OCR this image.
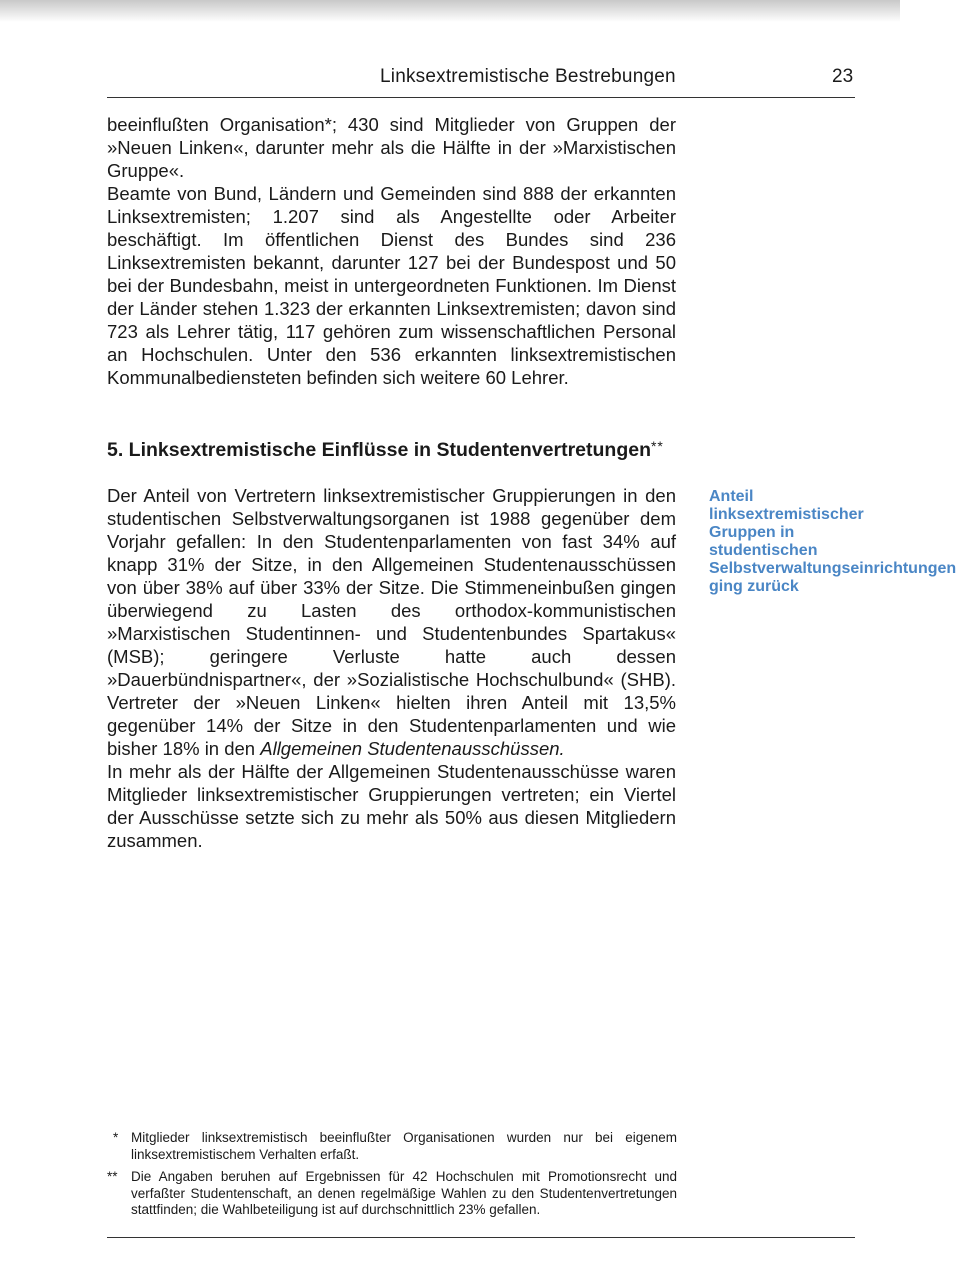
Linksextremistische Bestrebungen	23

beeinflußten Organisation*; 430 sind Mitglieder von Gruppen der »Neuen Linken«, darunter mehr als die Hälfte in der »Marxistischen Gruppe«.

Beamte von Bund, Ländern und Gemeinden sind 888 der erkannten Linksextremisten; 1.207 sind als Angestellte oder Arbeiter beschäftigt. Im öffentlichen Dienst des Bundes sind 236 Linksextremisten bekannt, darunter 127 bei der Bundespost und 50 bei der Bundesbahn, meist in untergeordneten Funktionen. Im Dienst der Länder stehen 1.323 der erkannten Linksextremisten; davon sind 723 als Lehrer tätig, 117 gehören zum wissenschaftlichen Personal an Hochschulen. Unter den 536 erkannten linksextremistischen Kommunalbediensteten befinden sich weitere 60 Lehrer.

5. Linksextremistische Einflüsse in Studentenvertretungen**

Der Anteil von Vertretern linksextremistischer Gruppierungen in den studentischen Selbstverwaltungsorganen ist 1988 gegenüber dem Vorjahr gefallen: In den Studentenparlamenten von fast 34% auf knapp 31% der Sitze, in den Allgemeinen Studentenausschüssen von über 38% auf über 33% der Sitze. Die Stimmeneinbußen gingen überwiegend zu Lasten des orthodox-kommunistischen »Marxistischen Studentinnen- und Studentenbundes Spartakus« (MSB); geringere Verluste hatte auch dessen »Dauerbündnispartner«, der »Sozialistische Hochschulbund« (SHB). Vertreter der »Neuen Linken« hielten ihren Anteil mit 13,5% gegenüber 14% der Sitze in den Studentenparlamenten und wie bisher 18% in den Allgemeinen Studentenausschüssen.

In mehr als der Hälfte der Allgemeinen Studentenausschüsse waren Mitglieder linksextremistischer Gruppierungen vertreten; ein Viertel der Ausschüsse setzte sich zu mehr als 50% aus diesen Mitgliedern zusammen.

Anteil linksextremistischer Gruppen in studentischen Selbstverwaltungseinrichtungen ging zurück

* Mitglieder linksextremistisch beeinflußter Organisationen wurden nur bei eigenem linksextremistischem Verhalten erfaßt.

** Die Angaben beruhen auf Ergebnissen für 42 Hochschulen mit Promotionsrecht und verfaßter Studentenschaft, an denen regelmäßige Wahlen zu den Studentenvertretungen stattfinden; die Wahlbeteiligung ist auf durchschnittlich 23% gefallen.
